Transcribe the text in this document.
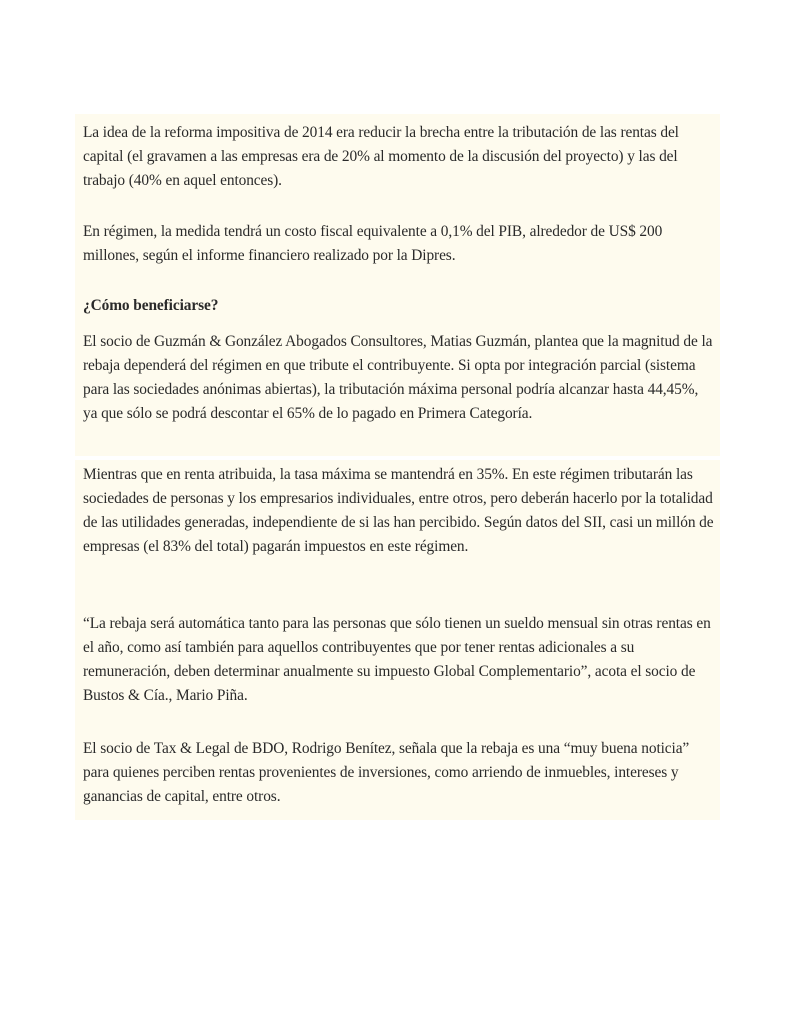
La idea de la reforma impositiva de 2014 era reducir la brecha entre la tributación de las rentas del capital (el gravamen a las empresas era de 20% al momento de la discusión del proyecto) y las del trabajo (40% en aquel entonces).

En régimen, la medida tendrá un costo fiscal equivalente a 0,1% del PIB, alrededor de US$ 200 millones, según el informe financiero realizado por la Dipres.

¿Cómo beneficiarse?

El socio de Guzmán & González Abogados Consultores, Matias Guzmán, plantea que la magnitud de la rebaja dependerá del régimen en que tribute el contribuyente. Si opta por integración parcial (sistema para las sociedades anónimas abiertas), la tributación máxima personal podría alcanzar hasta 44,45%, ya que sólo se podrá descontar el 65% de lo pagado en Primera Categoría.

Mientras que en renta atribuida, la tasa máxima se mantendrá en 35%. En este régimen tributarán las sociedades de personas y los empresarios individuales, entre otros, pero deberán hacerlo por la totalidad de las utilidades generadas, independiente de si las han percibido. Según datos del SII, casi un millón de empresas (el 83% del total) pagarán impuestos en este régimen.

“La rebaja será automática tanto para las personas que sólo tienen un sueldo mensual sin otras rentas en el año, como así también para aquellos contribuyentes que por tener rentas adicionales a su remuneración, deben determinar anualmente su impuesto Global Complementario”, acota el socio de Bustos & Cía., Mario Piña.

El socio de Tax & Legal de BDO, Rodrigo Benítez, señala que la rebaja es una “muy buena noticia” para quienes perciben rentas provenientes de inversiones, como arriendo de inmuebles, intereses y ganancias de capital, entre otros.
